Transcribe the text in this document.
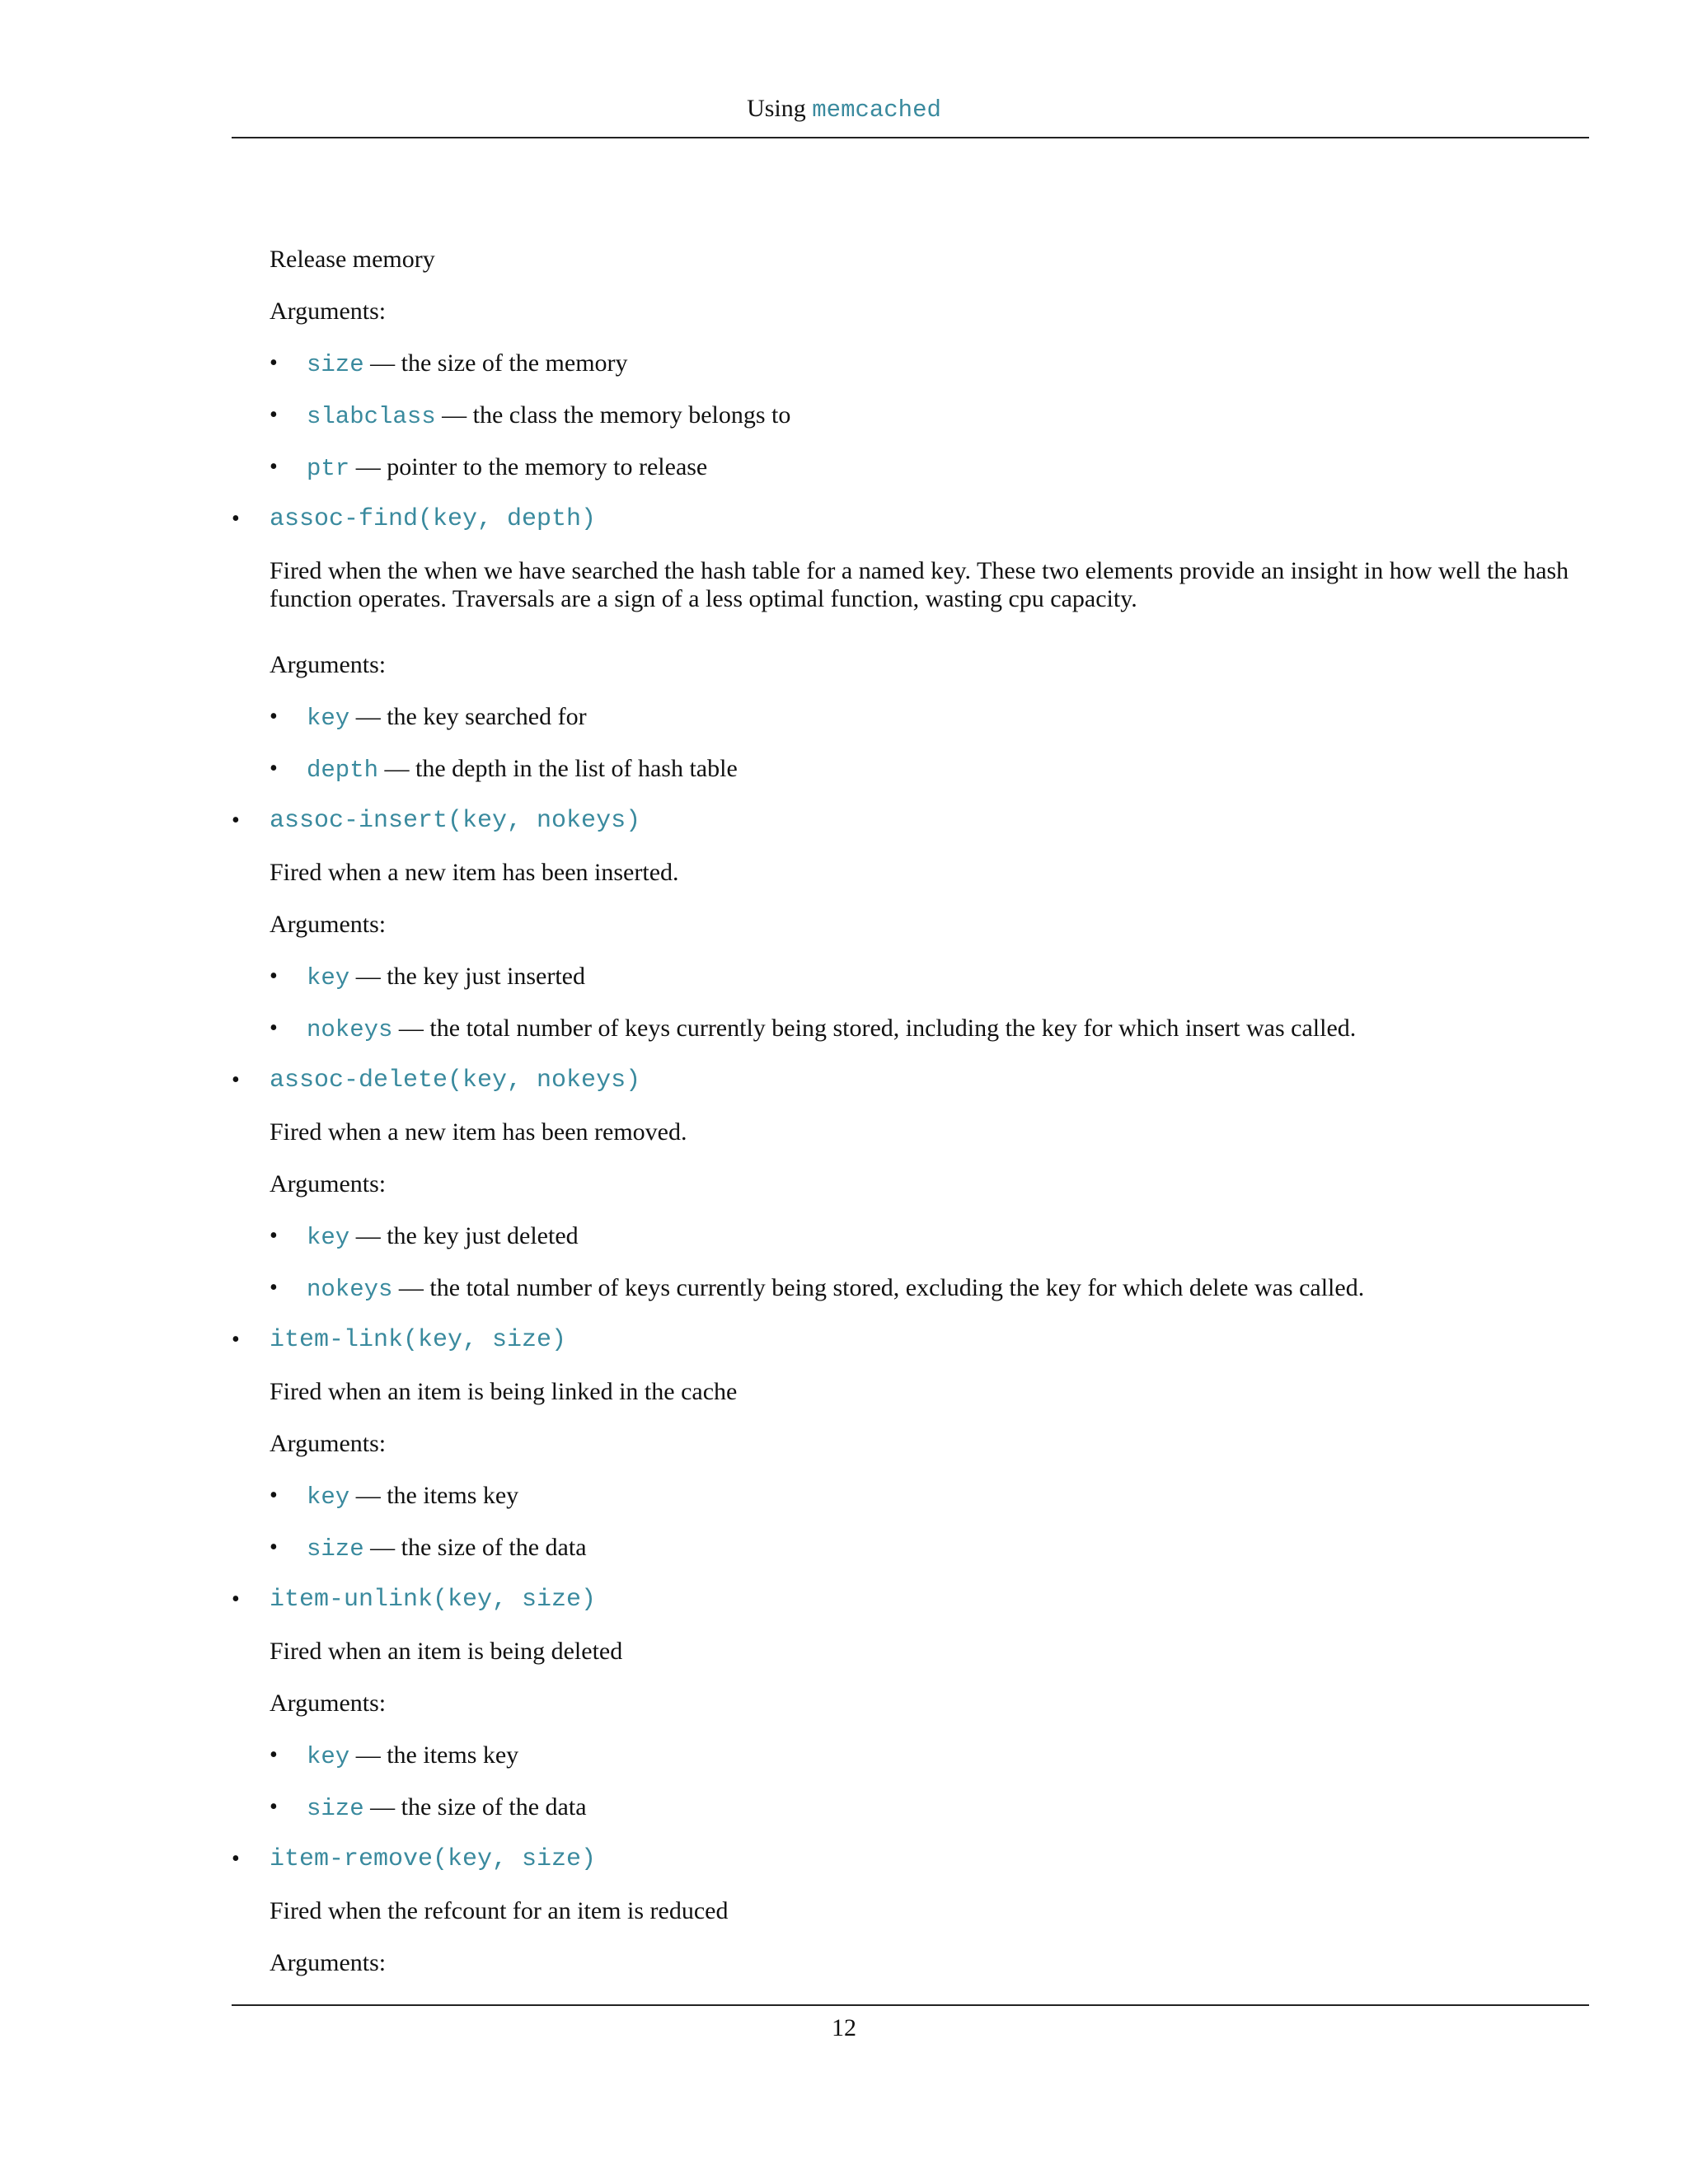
Using memcached
Release memory
Arguments:
• size — the size of the memory
• slabclass — the class the memory belongs to
• ptr — pointer to the memory to release
• assoc-find(key, depth)
Fired when the when we have searched the hash table for a named key. These two elements provide an insight in how well the hash function operates. Traversals are a sign of a less optimal function, wasting cpu capacity.
Arguments:
• key — the key searched for
• depth — the depth in the list of hash table
• assoc-insert(key, nokeys)
Fired when a new item has been inserted.
Arguments:
• key — the key just inserted
• nokeys — the total number of keys currently being stored, including the key for which insert was called.
• assoc-delete(key, nokeys)
Fired when a new item has been removed.
Arguments:
• key — the key just deleted
• nokeys — the total number of keys currently being stored, excluding the key for which delete was called.
• item-link(key, size)
Fired when an item is being linked in the cache
Arguments:
• key — the items key
• size — the size of the data
• item-unlink(key, size)
Fired when an item is being deleted
Arguments:
• key — the items key
• size — the size of the data
• item-remove(key, size)
Fired when the refcount for an item is reduced
Arguments:
12
